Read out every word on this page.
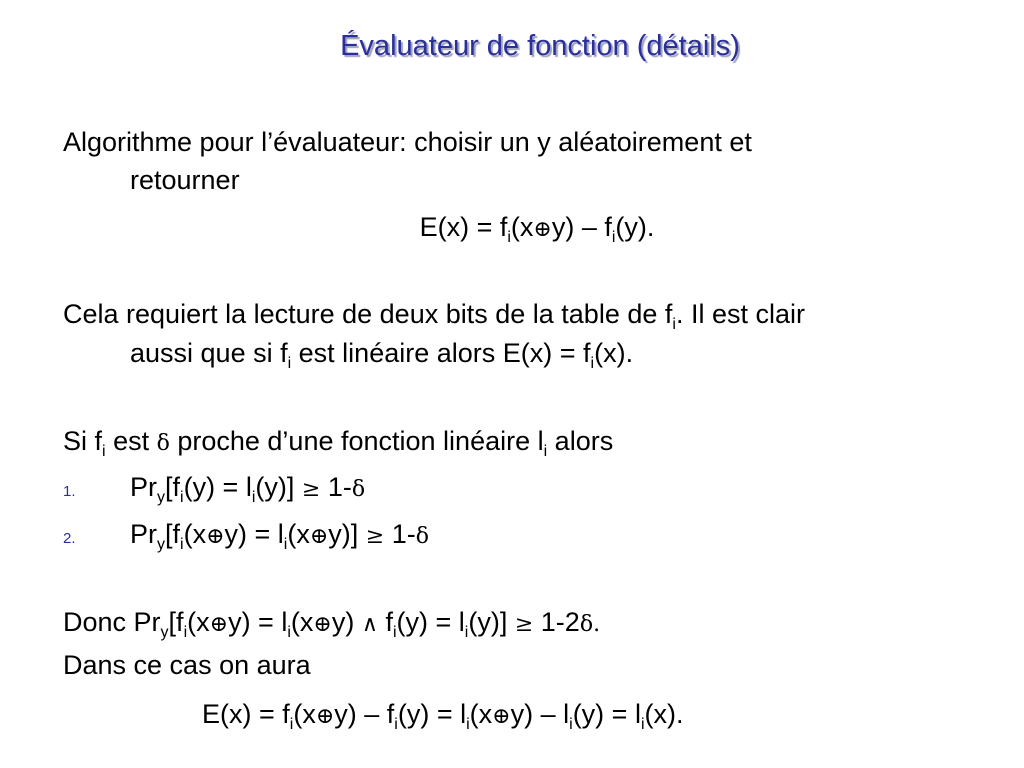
Évaluateur de fonction (détails)
Algorithme pour l’évaluateur: choisir un y aléatoirement et
retourner
$E(x) = f_i(x\oplus y) - f_i(y)$.
Cela requiert la lecture de deux bits de la table de $f_i$. Il est clair
aussi que si $f_i$ est linéaire alors $E(x) = f_i(x)$.
Si $f_i$ est δ proche d’une fonction linéaire $l_i$ alors
1. $Pr_y[f_i(y) = l_i(y)] \ge 1-\delta$
2. $Pr_y[f_i(x\oplus y)$ = $l_i(x\oplus y)] \ge 1-\delta$
Donc $Pr_y[f_i(x\oplus y)$ = $l_i(x\oplus y)$ ∧ $f_i(y) = l_i(y)] \ge 1-2\delta$.
Dans ce cas on aura
$E(x) = f_i(x\oplus y) - f_i(y)$ = $l_i(x\oplus y) - l_i(y) = l_i(x)$.
